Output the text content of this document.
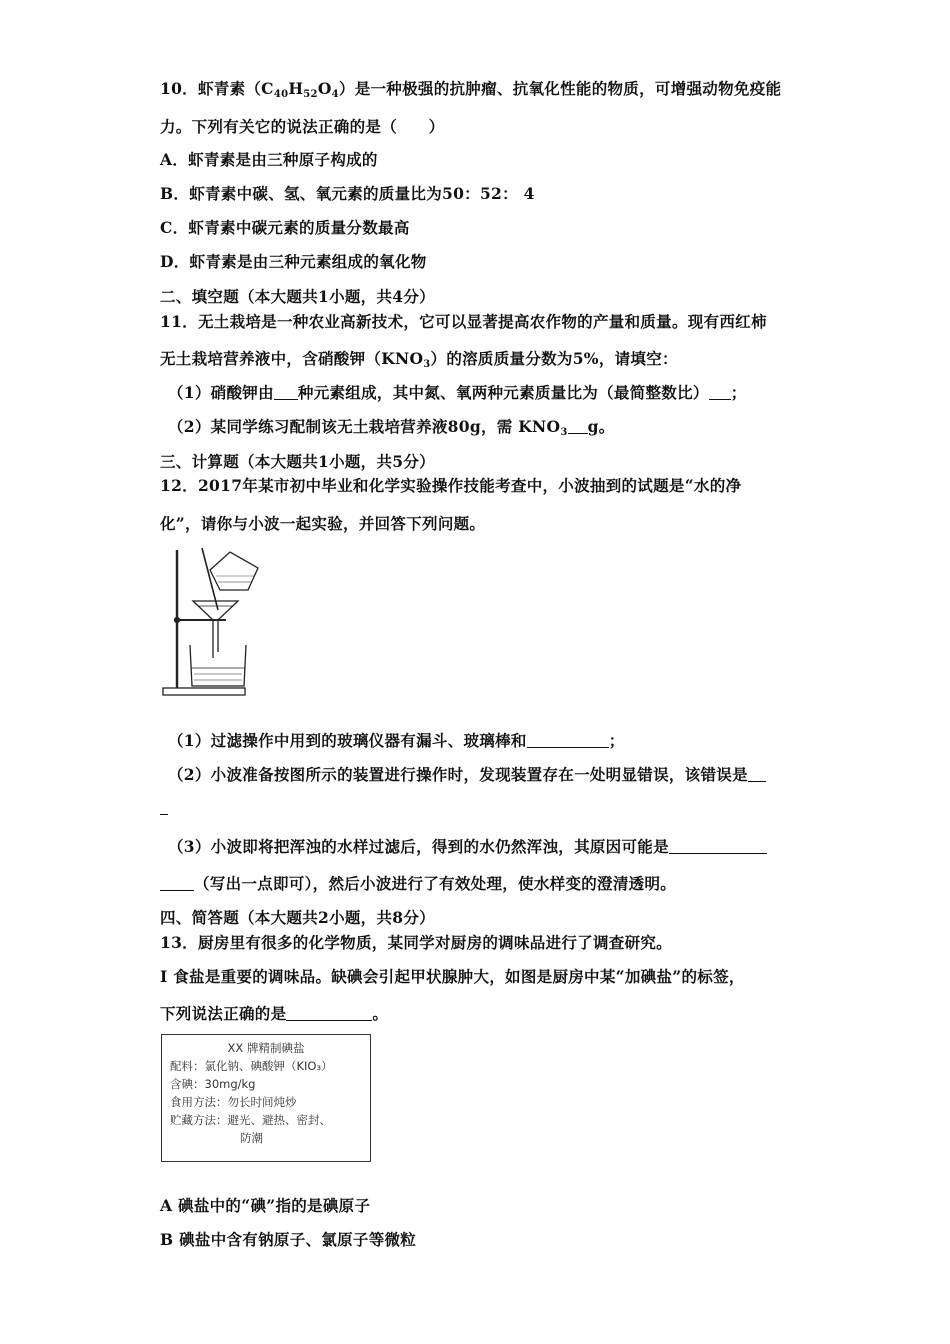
10．虾青素$(C_{40}H_{52}O_4)$是一种极强的抗肿瘤、抗氧化性能的物质，可增强动物免疫能
力。下列有关它的说法正确的是（　　）
A．虾青素是由三种原子构成的
B．虾青素中碳、氢、氧元素的质量比为50：52： 4
C．虾青素中碳元素的质量分数最高
D．虾青素是由三种元素组成的氧化物
二、填空题（本大题共1小题，共4分）
11．无土栽培是一种农业高新技术，它可以显著提高农作物的产量和质量。现有西红柿
无土栽培营养液中，含硝酸钾$(KNO_3)$的溶质质量分数为5%，请填空：
（1）硝酸钾由 种元素组成，其中氮、氧两种元素质量比为（最简整数比） ；
（2）某同学练习配制该无土栽培营养液80g，需 $KNO_3$ g。
三、计算题（本大题共1小题，共5分）
12．2017年某市初中毕业和化学实验操作技能考查中，小波抽到的试题是“水的净
化”，请你与小波一起实验，并回答下列问题。
（1）过滤操作中用到的玻璃仪器有漏斗、玻璃棒和	；
（2）小波准备按图所示的装置进行操作时，发现装置存在一处明显错误，该错误是
（3）小波即将把浑浊的水样过滤后，得到的水仍然浑浊，其原因可能是
（写出一点即可），然后小波进行了有效处理，使水样变的澄清透明。
四、简答题（本大题共2小题，共8分）
13．厨房里有很多的化学物质，某同学对厨房的调味品进行了调查研究。
Ⅰ 食盐是重要的调味品。缺碘会引起甲状腺肿大，如图是厨房中某“加碘盐”的标签，
下列说法正确的是	。
XX 牌精制碘盐
配料：氯化钠、碘酸钾（KIO₃）
含碘：30mg/kg
食用方法：勿长时间炖炒
贮藏方法：避光、避热、密封、
防潮
A 碘盐中的“碘”指的是碘原子
B 碘盐中含有钠原子、氯原子等微粒
